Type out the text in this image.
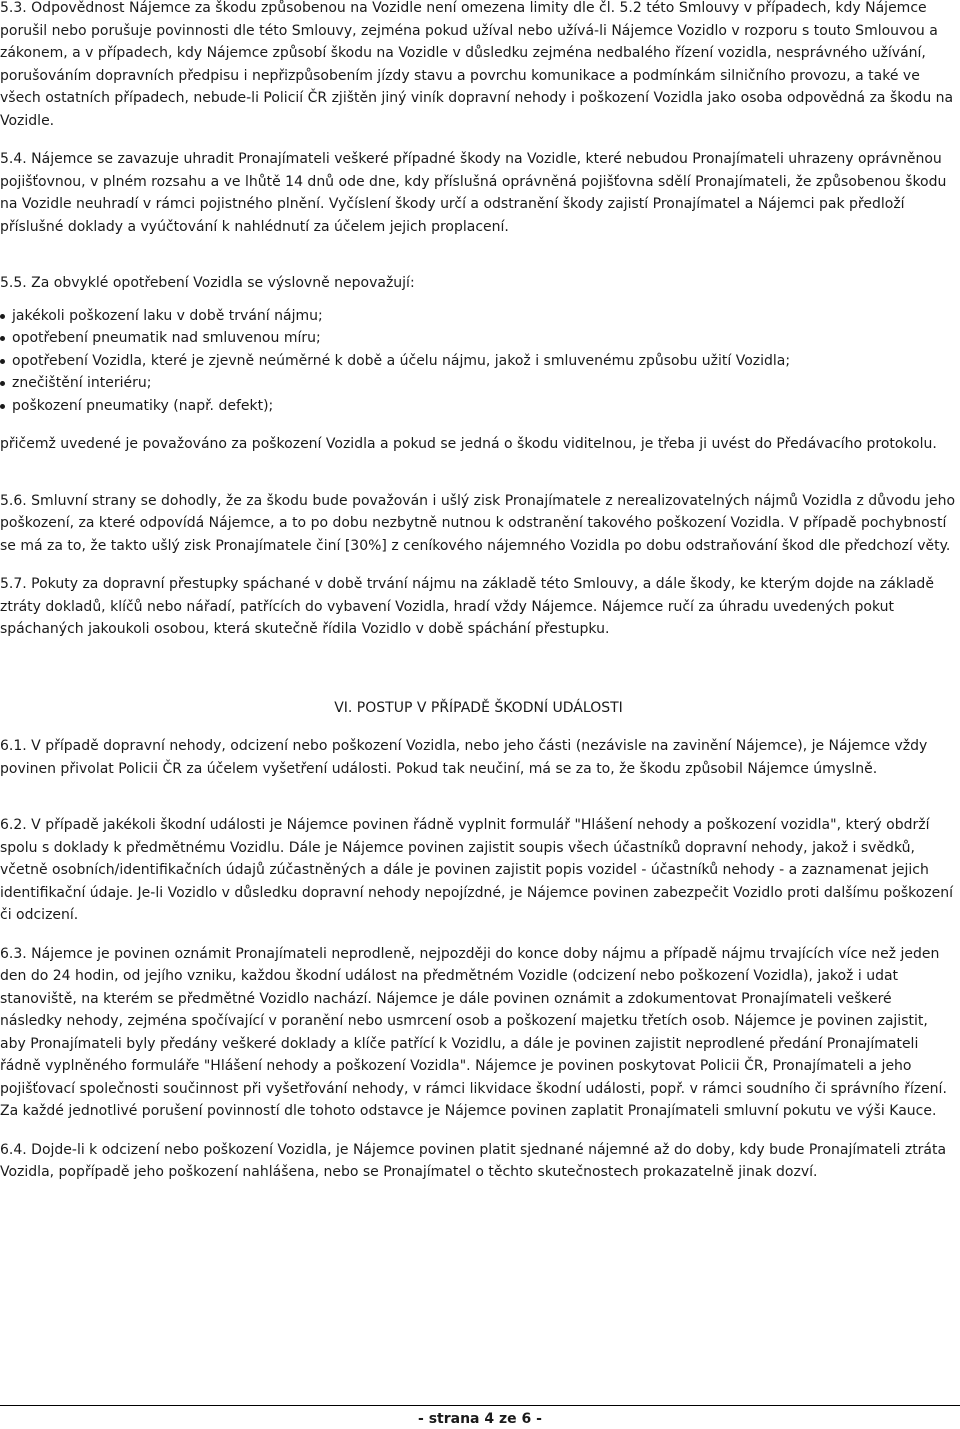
5.3. Odpovědnost Nájemce za škodu způsobenou na Vozidle není omezena limity dle čl. 5.2 této Smlouvy v případech, kdy Nájemce porušil nebo porušuje povinnosti dle této Smlouvy, zejména pokud užíval nebo užívá-li Nájemce Vozidlo v rozporu s touto Smlouvou a zákonem, a v případech, kdy Nájemce způsobí škodu na Vozidle v důsledku zejména nedbalého řízení vozidla, nesprávného užívání, porušováním dopravních předpisu i nepřizpůsobením jízdy stavu a povrchu komunikace a podmínkám silničního provozu, a také ve všech ostatních případech, nebude-li Policií ČR zjištěn jiný viník dopravní nehody i poškození Vozidla jako osoba odpovědná za škodu na Vozidle.

5.4. Nájemce se zavazuje uhradit Pronajímateli veškeré případné škody na Vozidle, které nebudou Pronajímateli uhrazeny oprávněnou pojišťovnou, v plném rozsahu a ve lhůtě 14 dnů ode dne, kdy příslušná oprávněná pojišťovna sdělí Pronajímateli, že způsobenou škodu na Vozidle neuhradí v rámci pojistného plnění. Vyčíslení škody určí a odstranění škody zajistí Pronajímatel a Nájemci pak předloží příslušné doklady a vyúčtování k nahlédnutí za účelem jejich proplacení.

5.5. Za obvyklé opotřebení Vozidla se výslovně nepovažují:

jakékoli poškození laku v době trvání nájmu;
opotřebení pneumatik nad smluvenou míru;
opotřebení Vozidla, které je zjevně neúměrné k době a účelu nájmu, jakož i smluvenému způsobu užití Vozidla;
znečištění interiéru;
poškození pneumatiky (např. defekt);

přičemž uvedené je považováno za poškození Vozidla a pokud se jedná o škodu viditelnou, je třeba ji uvést do Předávacího protokolu.

5.6. Smluvní strany se dohodly, že za škodu bude považován i ušlý zisk Pronajímatele z nerealizovatelných nájmů Vozidla z důvodu jeho poškození, za které odpovídá Nájemce, a to po dobu nezbytně nutnou k odstranění takového poškození Vozidla. V případě pochybností se má za to, že takto ušlý zisk Pronajímatele činí [30%] z ceníkového nájemného Vozidla po dobu odstraňování škod dle předchozí věty.

5.7. Pokuty za dopravní přestupky spáchané v době trvání nájmu na základě této Smlouvy, a dále škody, ke kterým dojde na základě ztráty dokladů, klíčů nebo nářadí, patřících do vybavení Vozidla, hradí vždy Nájemce. Nájemce ručí za úhradu uvedených pokut spáchaných jakoukoli osobou, která skutečně řídila Vozidlo v době spáchání přestupku.

VI. POSTUP V PŘÍPADĚ ŠKODNÍ UDÁLOSTI

6.1. V případě dopravní nehody, odcizení nebo poškození Vozidla, nebo jeho části (nezávisle na zavinění Nájemce), je Nájemce vždy povinen přivolat Policii ČR za účelem vyšetření události. Pokud tak neučiní, má se za to, že škodu způsobil Nájemce úmyslně.

6.2. V případě jakékoli škodní události je Nájemce povinen řádně vyplnit formulář "Hlášení nehody a poškození vozidla", který obdrží spolu s doklady k předmětnému Vozidlu. Dále je Nájemce povinen zajistit soupis všech účastníků dopravní nehody, jakož i svědků, včetně osobních/identifikačních údajů zúčastněných a dále je povinen zajistit popis vozidel - účastníků nehody - a zaznamenat jejich identifikační údaje. Je-li Vozidlo v důsledku dopravní nehody nepojízdné, je Nájemce povinen zabezpečit Vozidlo proti dalšímu poškození či odcizení.

6.3. Nájemce je povinen oznámit Pronajímateli neprodleně, nejpozději do konce doby nájmu a případě nájmu trvajících více než jeden den do 24 hodin, od jejího vzniku, každou škodní událost na předmětném Vozidle (odcizení nebo poškození Vozidla), jakož i udat stanoviště, na kterém se předmětné Vozidlo nachází. Nájemce je dále povinen oznámit a zdokumentovat Pronajímateli veškeré následky nehody, zejména spočívající v poranění nebo usmrcení osob a poškození majetku třetích osob. Nájemce je povinen zajistit, aby Pronajímateli byly předány veškeré doklady a klíče patřící k Vozidlu, a dále je povinen zajistit neprodlené předání Pronajímateli řádně vyplněného formuláře "Hlášení nehody a poškození Vozidla". Nájemce je povinen poskytovat Policii ČR, Pronajímateli a jeho pojišťovací společnosti součinnost při vyšetřování nehody, v rámci likvidace škodní události, popř. v rámci soudního či správního řízení. Za každé jednotlivé porušení povinností dle tohoto odstavce je Nájemce povinen zaplatit Pronajímateli smluvní pokutu ve výši Kauce.

6.4. Dojde-li k odcizení nebo poškození Vozidla, je Nájemce povinen platit sjednané nájemné až do doby, kdy bude Pronajímateli ztráta Vozidla, popřípadě jeho poškození nahlášena, nebo se Pronajímatel o těchto skutečnostech prokazatelně jinak dozví.

- strana 4 ze 6 -
